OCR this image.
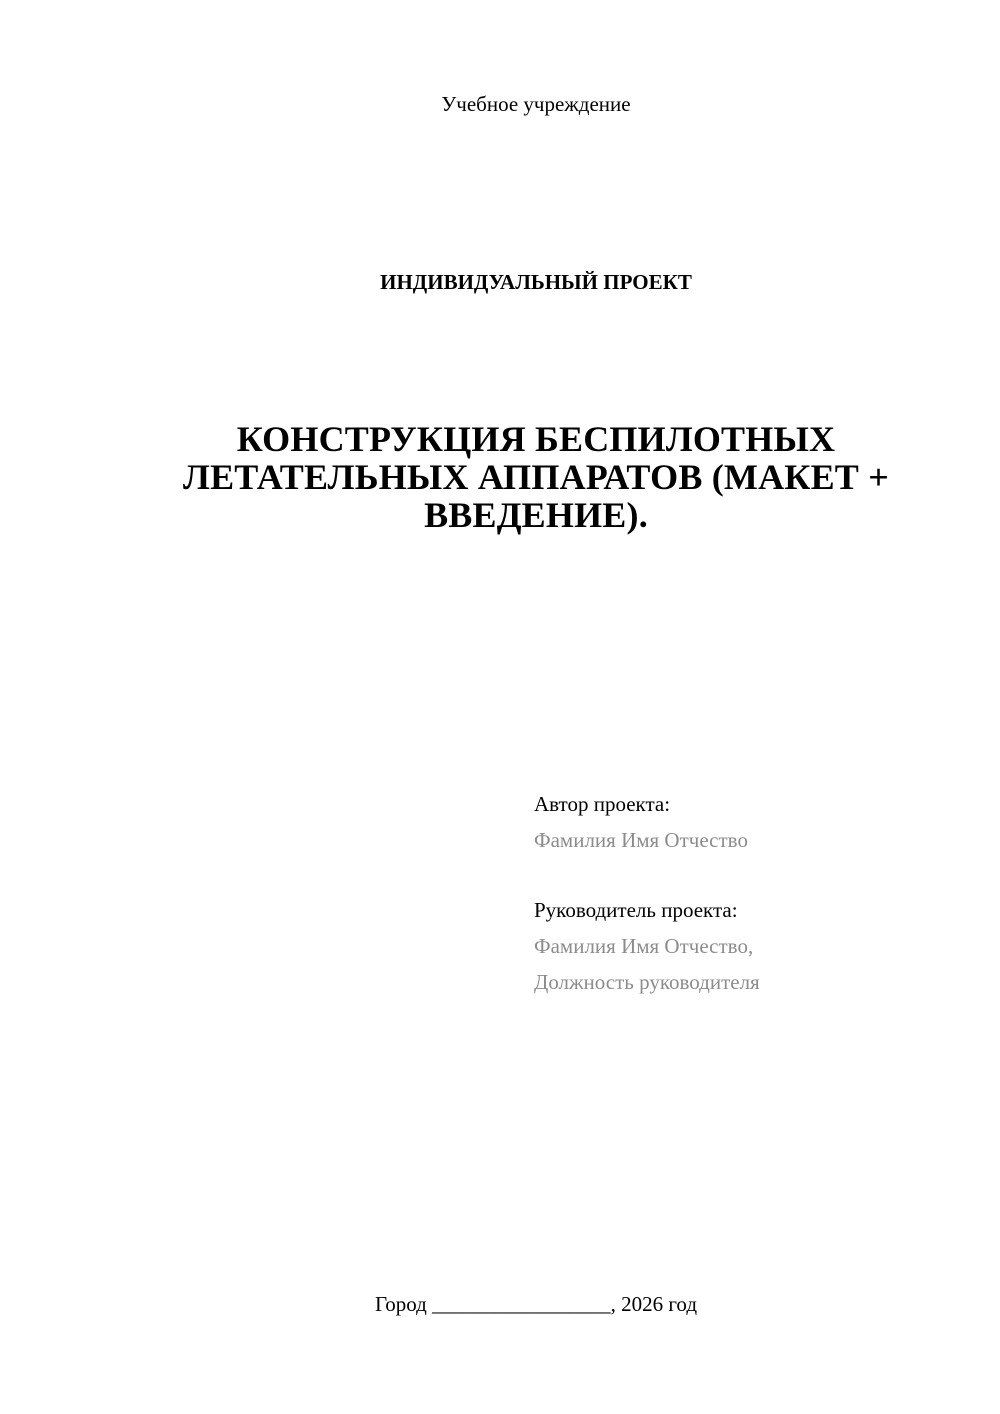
Учебное учреждение
ИНДИВИДУАЛЬНЫЙ ПРОЕКТ
КОНСТРУКЦИЯ БЕСПИЛОТНЫХ
ЛЕТАТЕЛЬНЫХ АППАРАТОВ (МАКЕТ +
ВВЕДЕНИЕ).
Автор проекта:
Фамилия Имя Отчество
Руководитель проекта:
Фамилия Имя Отчество,
Должность руководителя
Город _________________, 2026 год
